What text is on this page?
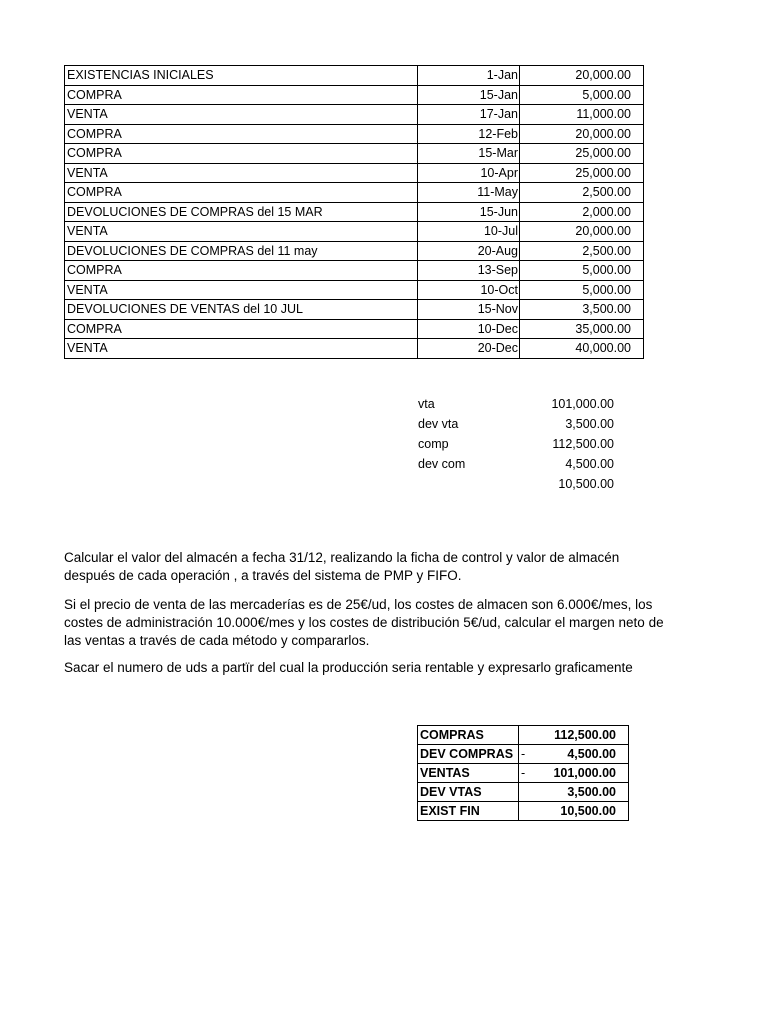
EXISTENCIAS INICIALES	1-Jan	20,000.00
COMPRA	15-Jan	5,000.00
VENTA	17-Jan	11,000.00
COMPRA	12-Feb	20,000.00
COMPRA	15-Mar	25,000.00
VENTA	10-Apr	25,000.00
COMPRA	11-May	2,500.00
DEVOLUCIONES DE COMPRAS del 15 MAR	15-Jun	2,000.00
VENTA	10-Jul	20,000.00
DEVOLUCIONES DE COMPRAS del 11 may	20-Aug	2,500.00
COMPRA	13-Sep	5,000.00
VENTA	10-Oct	5,000.00
DEVOLUCIONES DE VENTAS del 10 JUL	15-Nov	3,500.00
COMPRA	10-Dec	35,000.00
VENTA	20-Dec	40,000.00
vta	101,000.00
dev vta	3,500.00
comp	112,500.00
dev com	4,500.00
10,500.00
Calcular el valor del almacén a fecha 31/12, realizando la ficha de control y valor de almacén después de cada operación , a través del sistema de PMP y FIFO.
Si el precio de venta de las mercaderías es de 25€/ud, los costes de almacen son 6.000€/mes, los costes de administración 10.000€/mes y los costes de distribución 5€/ud, calcular el margen neto de las ventas a través de cada método y compararlos.
Sacar el numero de uds a partïr del cual la producción seria rentable y expresarlo graficamente
COMPRAS		112,500.00
DEV COMPRAS	-	4,500.00
VENTAS	-	101,000.00
DEV VTAS		3,500.00
EXIST FIN		10,500.00
